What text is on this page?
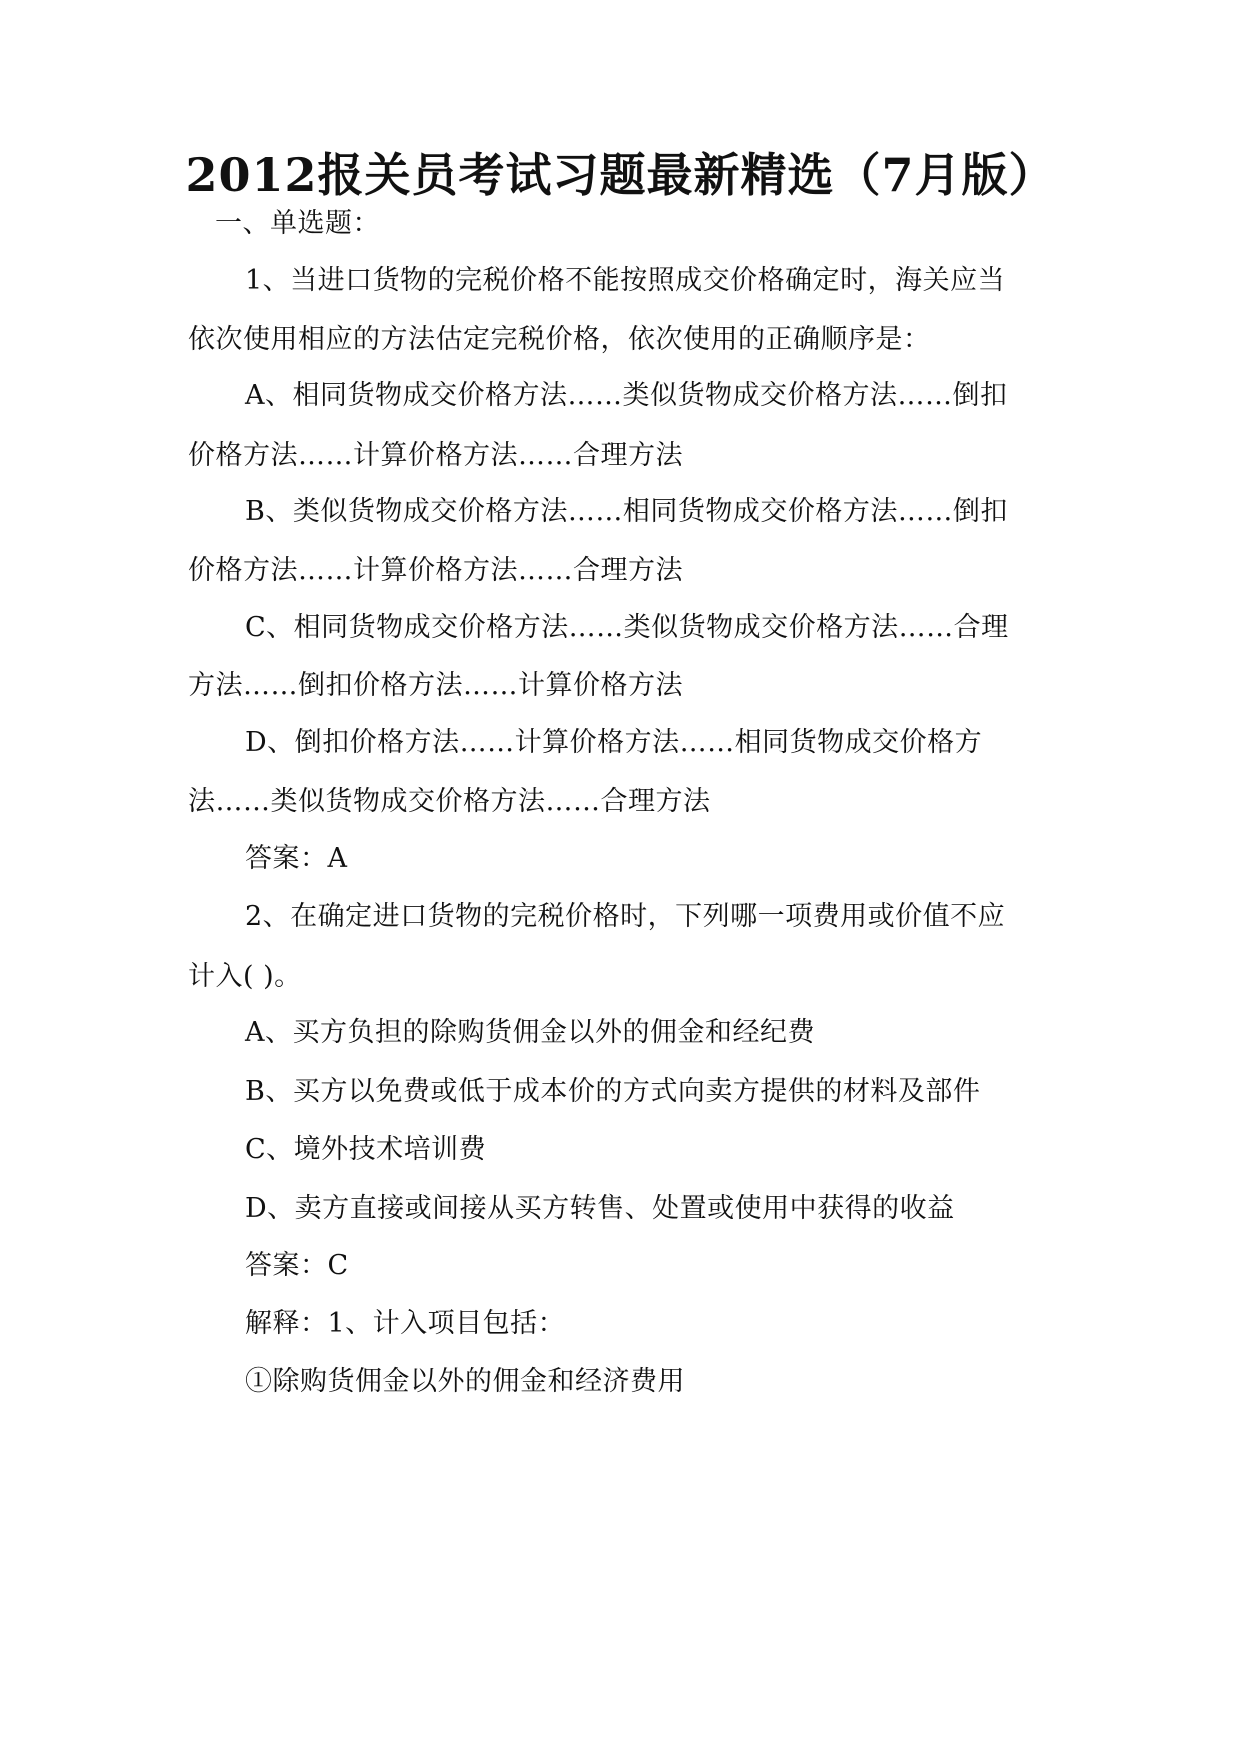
2012报关员考试习题最新精选（7月版）
一、单选题：
1、当进口货物的完税价格不能按照成交价格确定时，海关应当
依次使用相应的方法估定完税价格，依次使用的正确顺序是：
A、相同货物成交价格方法……类似货物成交价格方法……倒扣
价格方法……计算价格方法……合理方法
B、类似货物成交价格方法……相同货物成交价格方法……倒扣
价格方法……计算价格方法……合理方法
C、相同货物成交价格方法……类似货物成交价格方法……合理
方法……倒扣价格方法……计算价格方法
D、倒扣价格方法……计算价格方法……相同货物成交价格方
法……类似货物成交价格方法……合理方法
答案：A
2、在确定进口货物的完税价格时，下列哪一项费用或价值不应
计入( )。
A、买方负担的除购货佣金以外的佣金和经纪费
B、买方以免费或低于成本价的方式向卖方提供的材料及部件
C、境外技术培训费
D、卖方直接或间接从买方转售、处置或使用中获得的收益
答案：C
解释：1、计入项目包括：
①除购货佣金以外的佣金和经济费用
